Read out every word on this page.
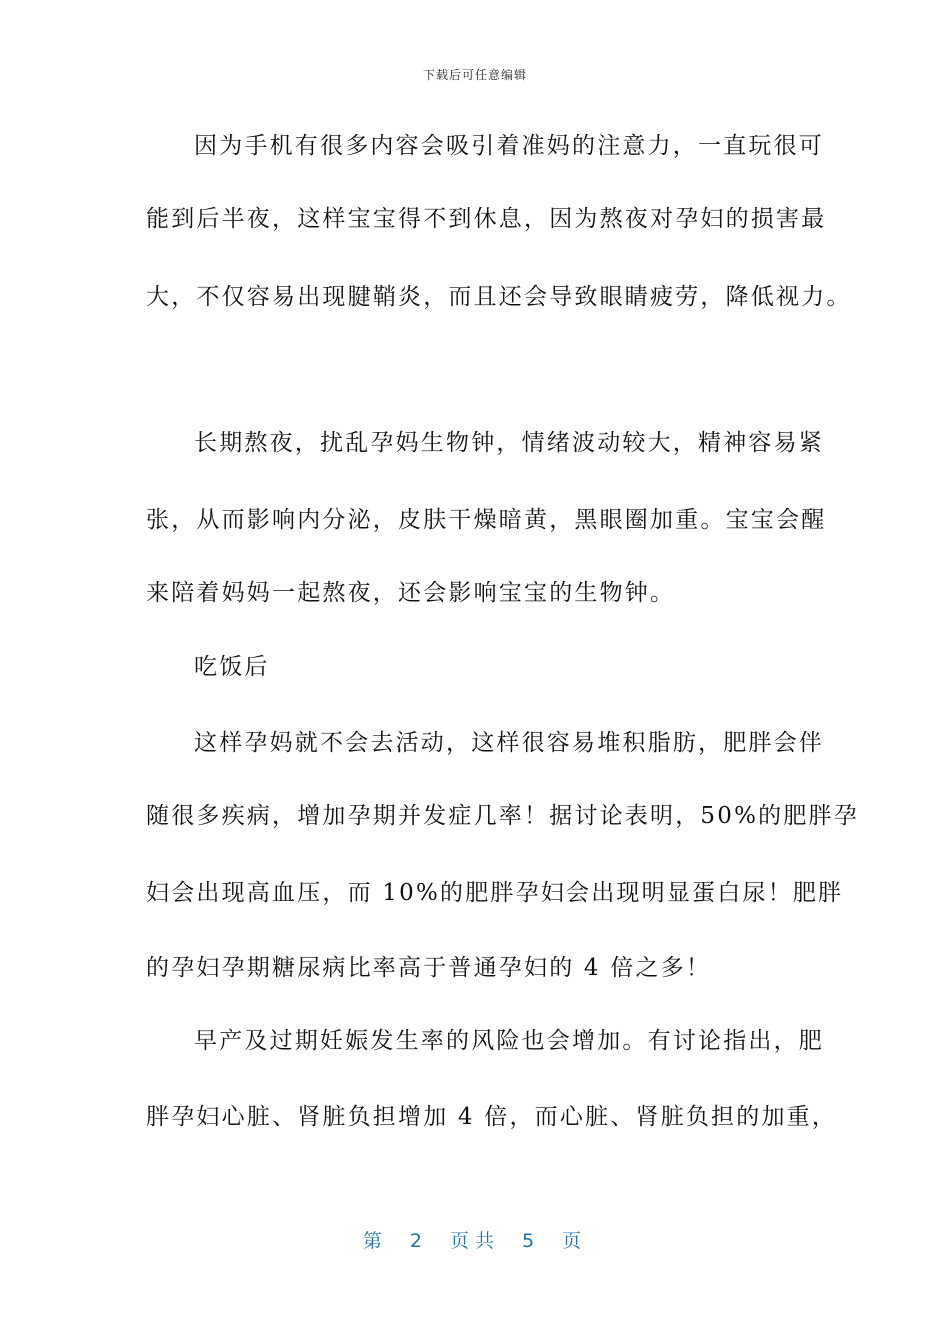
下载后可任意编辑
因为手机有很多内容会吸引着准妈的注意力，一直玩很可
能到后半夜，这样宝宝得不到休息，因为熬夜对孕妇的损害最
大，不仅容易出现腱鞘炎，而且还会导致眼睛疲劳，降低视力。
长期熬夜，扰乱孕妈生物钟，情绪波动较大，精神容易紧
张，从而影响内分泌，皮肤干燥暗黄，黑眼圈加重。宝宝会醒
来陪着妈妈一起熬夜，还会影响宝宝的生物钟。
吃饭后
这样孕妈就不会去活动，这样很容易堆积脂肪，肥胖会伴
随很多疾病，增加孕期并发症几率！据讨论表明，50%的肥胖孕
妇会出现高血压，而 10%的肥胖孕妇会出现明显蛋白尿！肥胖
的孕妇孕期糖尿病比率高于普通孕妇的 4 倍之多！
早产及过期妊娠发生率的风险也会增加。有讨论指出，肥
胖孕妇心脏、肾脏负担增加 4 倍，而心脏、肾脏负担的加重，
第 2 页共 5 页
